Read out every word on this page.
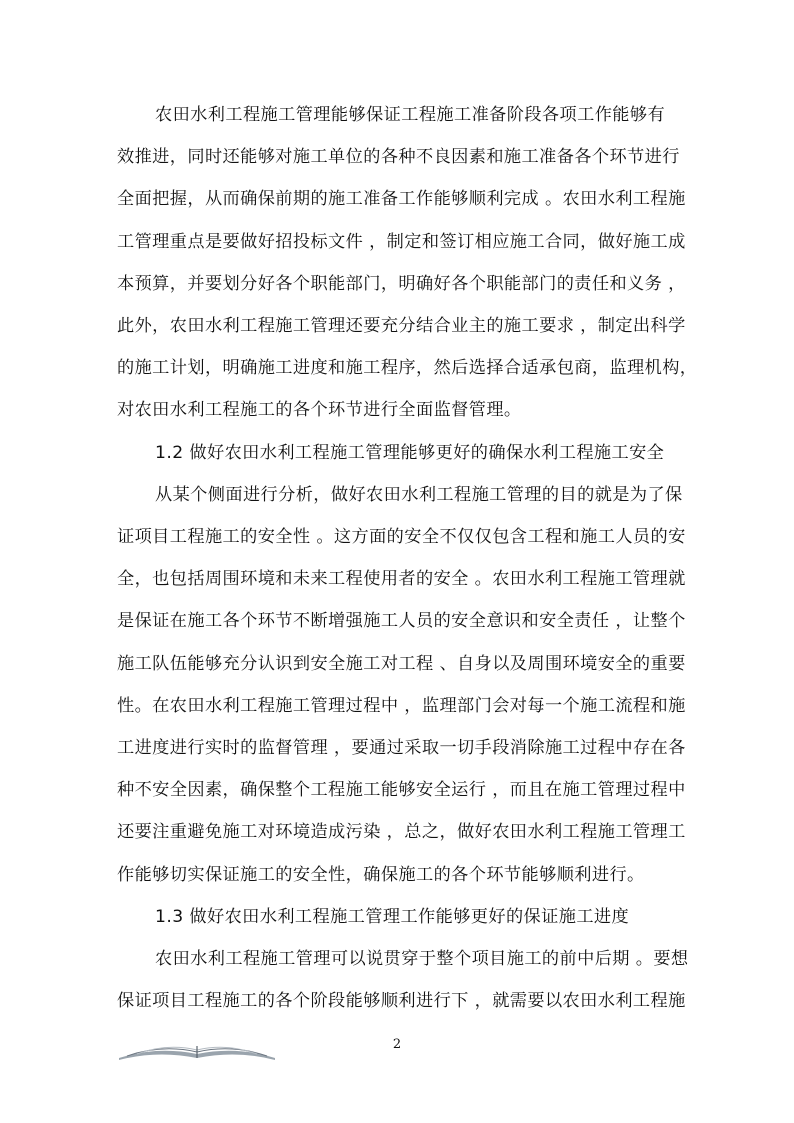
农田水利工程施工管理能够保证工程施工准备阶段各项工作能够有
效推进，同时还能够对施工单位的各种不良因素和施工准备各个环节进行
全面把握，从而确保前期的施工准备工作能够顺利完成 。农田水利工程施
工管理重点是要做好招投标文件 ，制定和签订相应施工合同，做好施工成
本预算，并要划分好各个职能部门，明确好各个职能部门的责任和义务 ，
此外，农田水利工程施工管理还要充分结合业主的施工要求 ，制定出科学
的施工计划，明确施工进度和施工程序，然后选择合适承包商，监理机构，
对农田水利工程施工的各个环节进行全面监督管理。
1.2 做好农田水利工程施工管理能够更好的确保水利工程施工安全
从某个侧面进行分析，做好农田水利工程施工管理的目的就是为了保
证项目工程施工的安全性 。这方面的安全不仅仅包含工程和施工人员的安
全，也包括周围环境和未来工程使用者的安全 。农田水利工程施工管理就
是保证在施工各个环节不断增强施工人员的安全意识和安全责任 ，让整个
施工队伍能够充分认识到安全施工对工程 、自身以及周围环境安全的重要
性。在农田水利工程施工管理过程中 ，监理部门会对每一个施工流程和施
工进度进行实时的监督管理 ，要通过采取一切手段消除施工过程中存在各
种不安全因素，确保整个工程施工能够安全运行 ，而且在施工管理过程中
还要注重避免施工对环境造成污染 ，总之，做好农田水利工程施工管理工
作能够切实保证施工的安全性，确保施工的各个环节能够顺利进行。
1.3 做好农田水利工程施工管理工作能够更好的保证施工进度
农田水利工程施工管理可以说贯穿于整个项目施工的前中后期 。要想
保证项目工程施工的各个阶段能够顺利进行下 ，就需要以农田水利工程施
2
